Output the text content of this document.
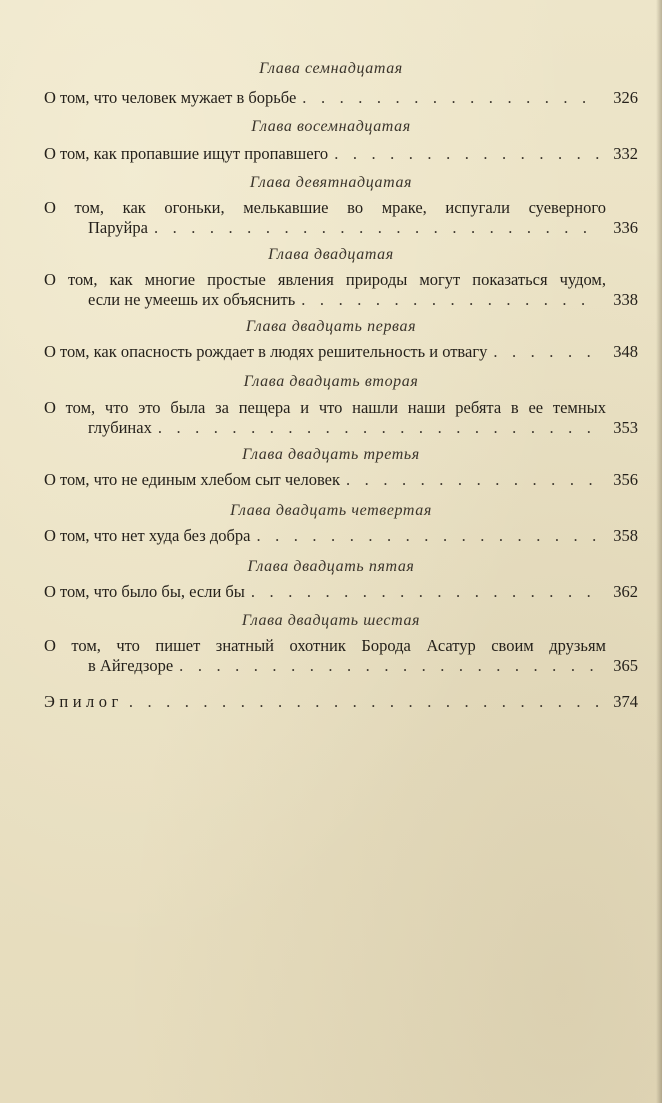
Глава семнадцатая
О том, что человек мужает в борьбе . . .	326
Глава восемнадцатая
О том, как пропавшие ищут пропавшего . . .	332
Глава девятнадцатая
О том, как огоньки, мелькавшие во мраке, испугали суеверного
Паруйра . . .	336
Глава двадцатая
О том, как многие простые явления природы могут показаться чудом,
если не умеешь их объяснить . . .	338
Глава двадцать первая
О том, как опасность рождает в людях решительность и отвагу . . .	348
Глава двадцать вторая
О том, что это была за пещера и что нашли наши ребята в ее темных
глубинах . . .	353
Глава двадцать третья
О том, что не единым хлебом сыт человек . . .	356
Глава двадцать четвертая
О том, что нет худа без добра . . .	358
Глава двадцать пятая
О том, что было бы, если бы . . .	362
Глава двадцать шестая
О том, что пишет знатный охотник Борода Асатур своим друзьям
в Айгедзоре . . .	365
Эпилог . . .	374
